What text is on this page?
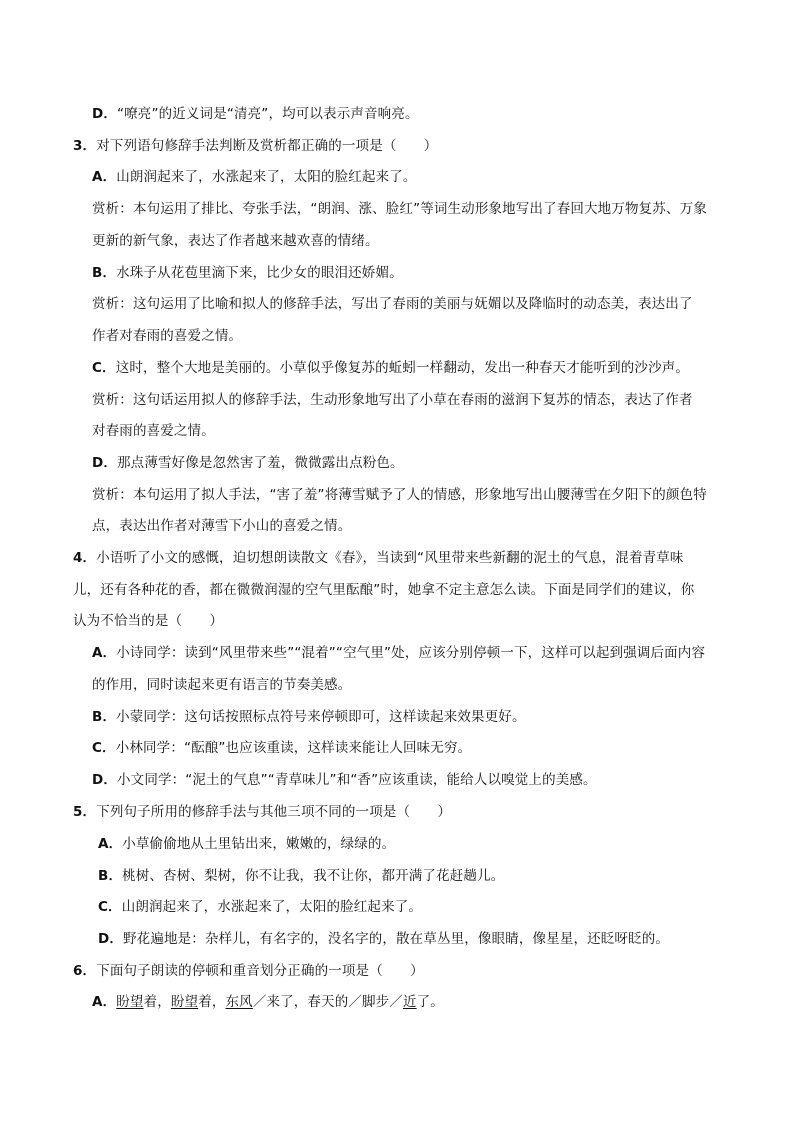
D．“嘹亮”的近义词是“清亮”，均可以表示声音响亮。
3．对下列语句修辞手法判断及赏析都正确的一项是（　　）
A．山朗润起来了，水涨起来了，太阳的脸红起来了。
赏析：本句运用了排比、夸张手法，“朗润、涨、脸红”等词生动形象地写出了春回大地万物复苏、万象
更新的新气象，表达了作者越来越欢喜的情绪。
B．水珠子从花苞里滴下来，比少女的眼泪还娇媚。
赏析：这句运用了比喻和拟人的修辞手法，写出了春雨的美丽与妩媚以及降临时的动态美，表达出了
作者对春雨的喜爱之情。
C．这时，整个大地是美丽的。小草似乎像复苏的蚯蚓一样翻动，发出一种春天才能听到的沙沙声。
赏析：这句话运用拟人的修辞手法，生动形象地写出了小草在春雨的滋润下复苏的情态，表达了作者
对春雨的喜爱之情。
D．那点薄雪好像是忽然害了羞，微微露出点粉色。
赏析：本句运用了拟人手法，“害了羞”将薄雪赋予了人的情感，形象地写出山腰薄雪在夕阳下的颜色特
点，表达出作者对薄雪下小山的喜爱之情。
4．小语听了小文的感慨，迫切想朗读散文《春》，当读到“风里带来些新翻的泥土的气息，混着青草味
儿，还有各种花的香，都在微微润湿的空气里酝酿”时，她拿不定主意怎么读。下面是同学们的建议，你
认为不恰当的是（　　）
A．小诗同学：读到“风里带来些”“混着”“空气里”处，应该分别停顿一下，这样可以起到强调后面内容
的作用，同时读起来更有语言的节奏美感。
B．小蒙同学：这句话按照标点符号来停顿即可，这样读起来效果更好。
C．小林同学：“酝酿”也应该重读，这样读来能让人回味无穷。
D．小文同学：“泥土的气息”“青草味儿”和“香”应该重读，能给人以嗅觉上的美感。
5．下列句子所用的修辞手法与其他三项不同的一项是（　　）
A．小草偷偷地从土里钻出来，嫩嫩的，绿绿的。
B．桃树、杏树、梨树，你不让我，我不让你，都开满了花赶趟儿。
C．山朗润起来了，水涨起来了，太阳的脸红起来了。
D．野花遍地是：杂样儿，有名字的，没名字的，散在草丛里，像眼睛，像星星，还眨呀眨的。
6．下面句子朗读的停顿和重音划分正确的一项是（　　）
A．盼望着，盼望着，东风／来了，春天的／脚步／近了。
